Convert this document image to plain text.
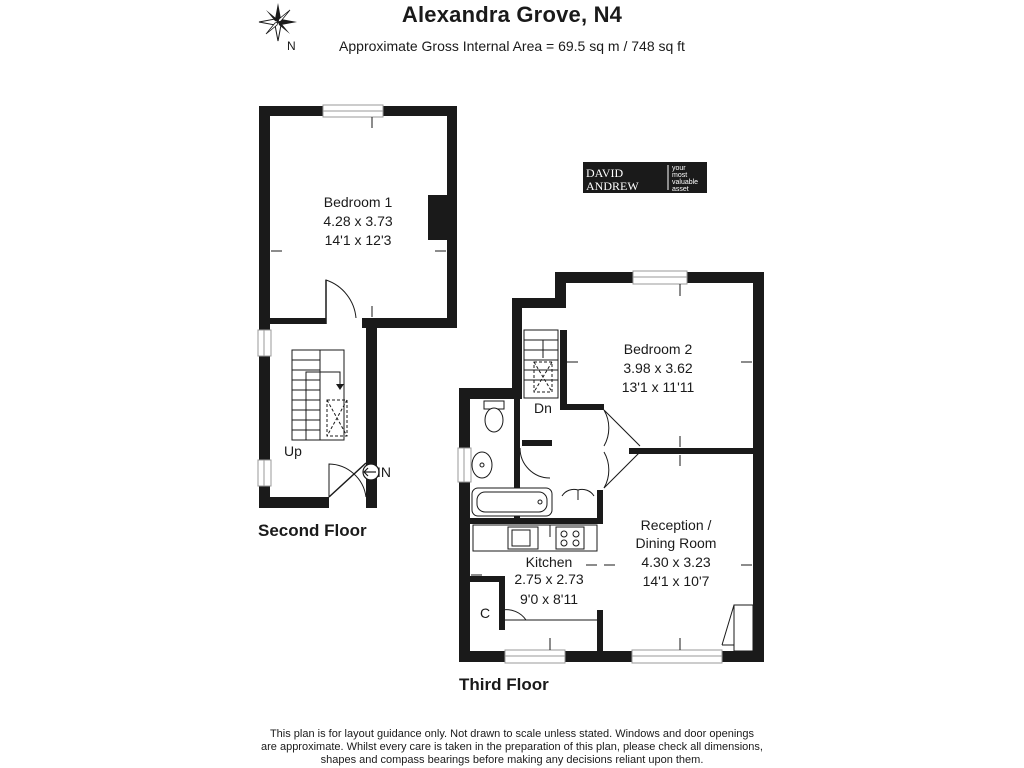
Alexandra Grove, N4
Approximate Gross Internal Area = 69.5 sq m / 748 sq ft
N
DAVID
ANDREW
your
most
valuable
asset
Bedroom 1
4.28 x 3.73
14'1 x 12'3
Up
IN
Second Floor
Bedroom 2
3.98 x 3.62
13'1 x 11'11
Reception /
Dining Room
4.30 x 3.23
14'1 x 10'7
Kitchen
2.75 x 2.73
9'0 x 8'11
C
Dn
Third Floor
This plan is for layout guidance only. Not drawn to scale unless stated. Windows and door openings
are approximate. Whilst every care is taken in the preparation of this plan, please check all dimensions,
shapes and compass bearings before making any decisions reliant upon them.
